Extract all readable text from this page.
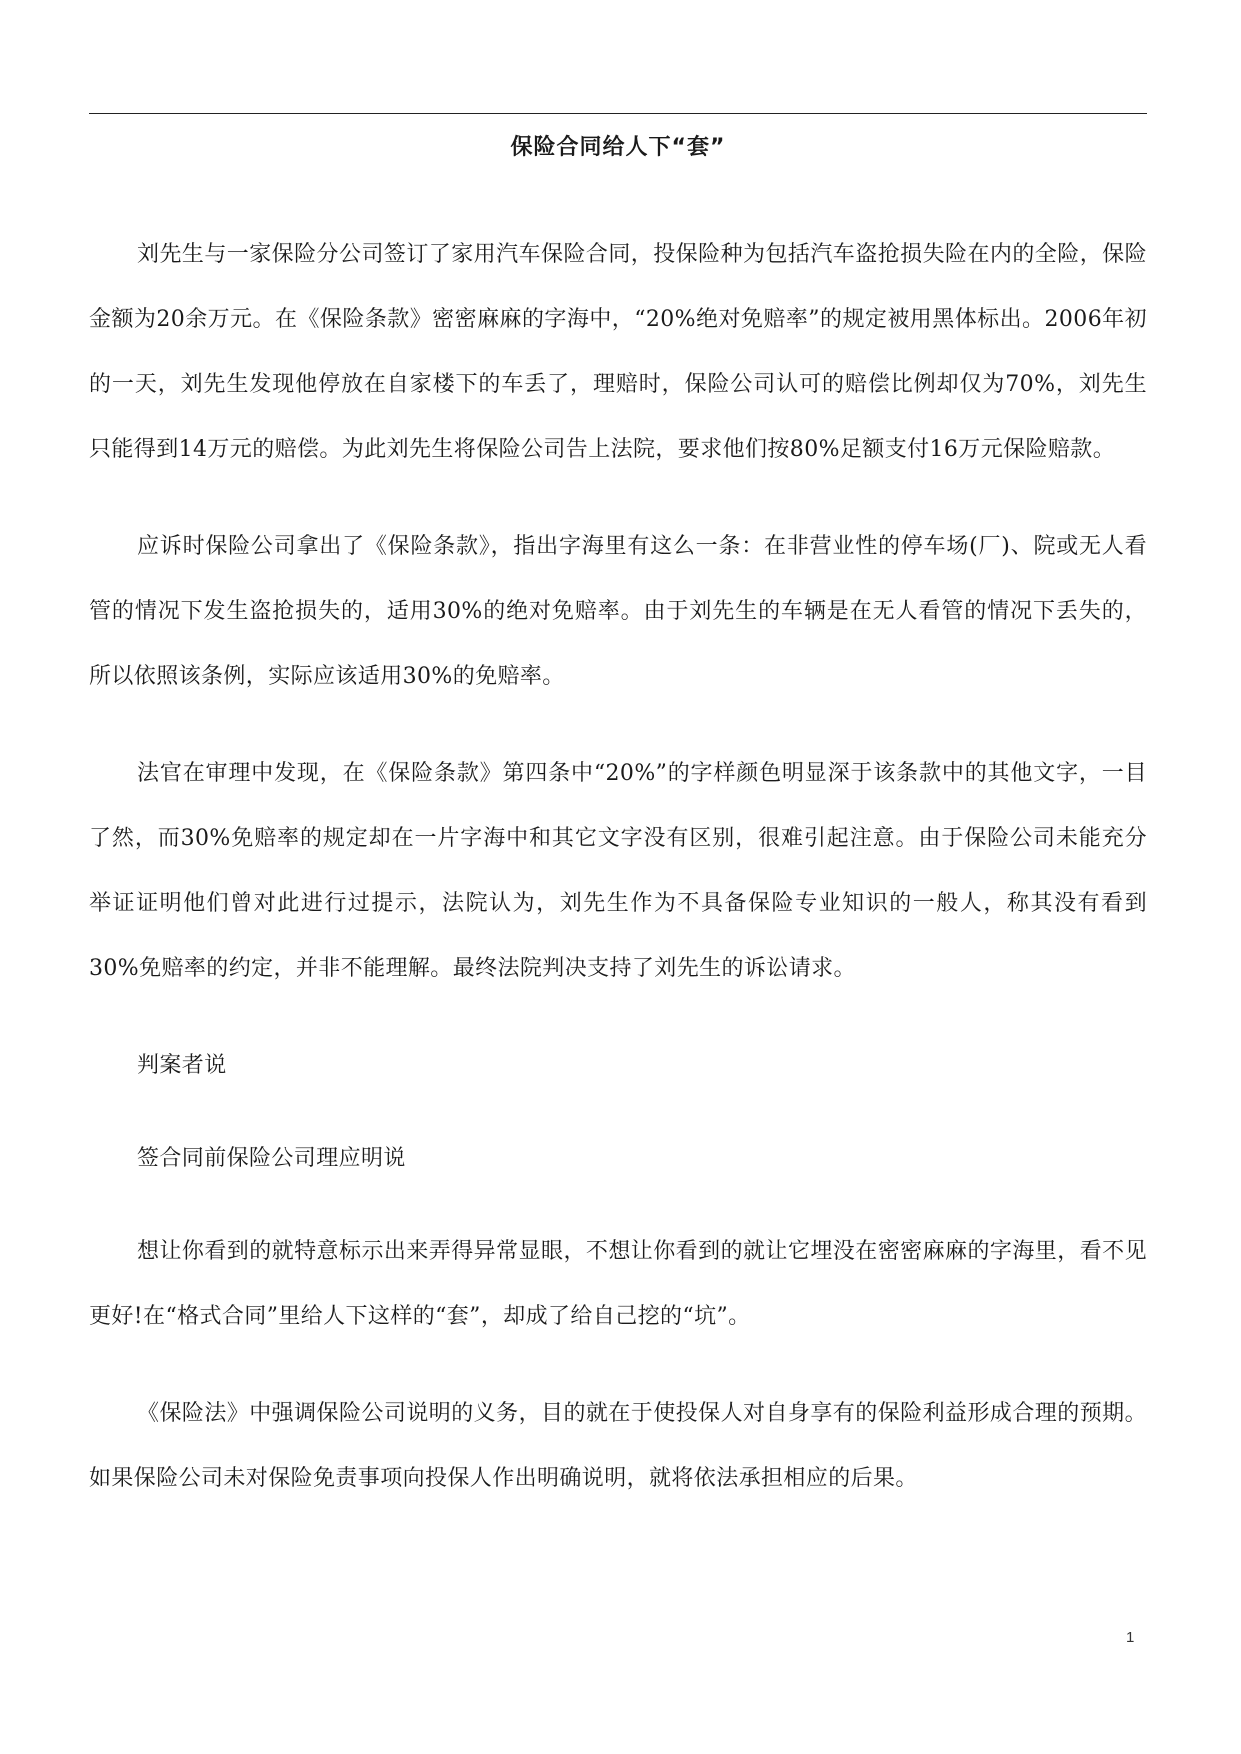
保险合同给人下“套”

刘先生与一家保险分公司签订了家用汽车保险合同，投保险种为包括汽车盗抢损失险在内的全险，保险金额为20余万元。在《保险条款》密密麻麻的字海中，“20%绝对免赔率”的规定被用黑体标出。2006年初的一天，刘先生发现他停放在自家楼下的车丢了，理赔时，保险公司认可的赔偿比例却仅为70%，刘先生只能得到14万元的赔偿。为此刘先生将保险公司告上法院，要求他们按80%足额支付16万元保险赔款。

应诉时保险公司拿出了《保险条款》，指出字海里有这么一条：在非营业性的停车场(厂)、院或无人看管的情况下发生盗抢损失的，适用30%的绝对免赔率。由于刘先生的车辆是在无人看管的情况下丢失的，所以依照该条例，实际应该适用30%的免赔率。

法官在审理中发现，在《保险条款》第四条中“20%”的字样颜色明显深于该条款中的其他文字，一目了然，而30%免赔率的规定却在一片字海中和其它文字没有区别，很难引起注意。由于保险公司未能充分举证证明他们曾对此进行过提示，法院认为，刘先生作为不具备保险专业知识的一般人，称其没有看到30%免赔率的约定，并非不能理解。最终法院判决支持了刘先生的诉讼请求。

判案者说

签合同前保险公司理应明说

想让你看到的就特意标示出来弄得异常显眼，不想让你看到的就让它埋没在密密麻麻的字海里，看不见更好!在“格式合同”里给人下这样的“套”，却成了给自己挖的“坑”。

《保险法》中强调保险公司说明的义务，目的就在于使投保人对自身享有的保险利益形成合理的预期。如果保险公司未对保险免责事项向投保人作出明确说明，就将依法承担相应的后果。

1
